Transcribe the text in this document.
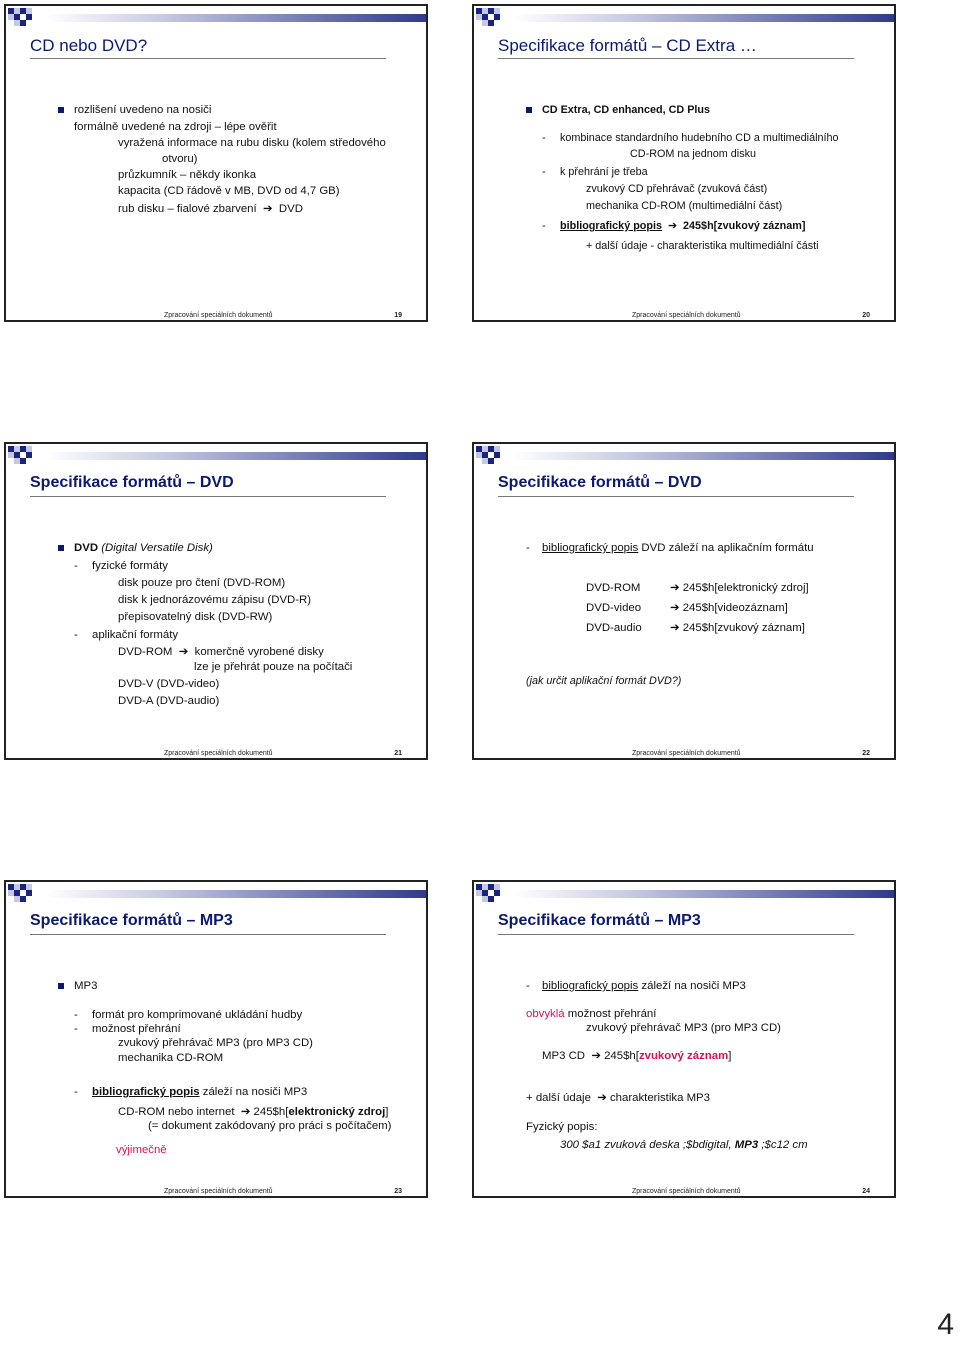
CD nebo DVD?
rozlišení uvedeno na nosiči
formálně uvedené na zdroji – lépe ověřit
vyražená informace na rubu disku (kolem středového
otvoru)
průzkumník – někdy ikonka
kapacita (CD řádově v MB, DVD od 4,7 GB)
rub disku – fialové zbarvení  ➔  DVD
Zpracování speciálních dokumentů	19
Specifikace formátů – CD Extra …
CD Extra, CD enhanced, CD Plus
- kombinace standardního hudebního CD a multimediálního
CD-ROM na jednom disku
- k přehrání je třeba
zvukový CD přehrávač (zvuková část)
mechanika CD-ROM (multimediální část)
- bibliografický popis  ➔  245$h[zvukový záznam]
+ další údaje - charakteristika multimediální části
Zpracování speciálních dokumentů	20
Specifikace formátů – DVD
DVD (Digital Versatile Disk)
- fyzické formáty
disk pouze pro čtení (DVD-ROM)
disk k jednorázovému zápisu (DVD-R)
přepisovatelný disk (DVD-RW)
- aplikační formáty
DVD-ROM  ➔  komerčně vyrobené disky
lze je přehrát pouze na počítači
DVD-V (DVD-video)
DVD-A (DVD-audio)
Zpracování speciálních dokumentů	21
Specifikace formátů – DVD
- bibliografický popis DVD záleží na aplikačním formátu
DVD-ROM	➔ 245$h[elektronický zdroj]
DVD-video	➔ 245$h[videozáznam]
DVD-audio ➔ 245$h[zvukový záznam]
(jak určit aplikační formát DVD?)
Zpracování speciálních dokumentů	22
Specifikace formátů – MP3
MP3
- formát pro komprimované ukládání hudby
- možnost přehrání
zvukový přehrávač MP3 (pro MP3 CD)
mechanika CD-ROM
- bibliografický popis záleží na nosiči MP3
CD-ROM nebo internet  ➔ 245$h[elektronický zdroj]
(= dokument zakódovaný pro práci s počítačem)
výjimečně
Zpracování speciálních dokumentů	23
Specifikace formátů – MP3
- bibliografický popis záleží na nosiči MP3
obvyklá možnost přehrání
zvukový přehrávač MP3 (pro MP3 CD)
MP3 CD  ➔ 245$h[zvukový záznam]
+ další údaje  ➔ charakteristika MP3
Fyzický popis:
300 $a1 zvuková deska ;$bdigital, MP3 ;$c12 cm
Zpracování speciálních dokumentů	24
4
